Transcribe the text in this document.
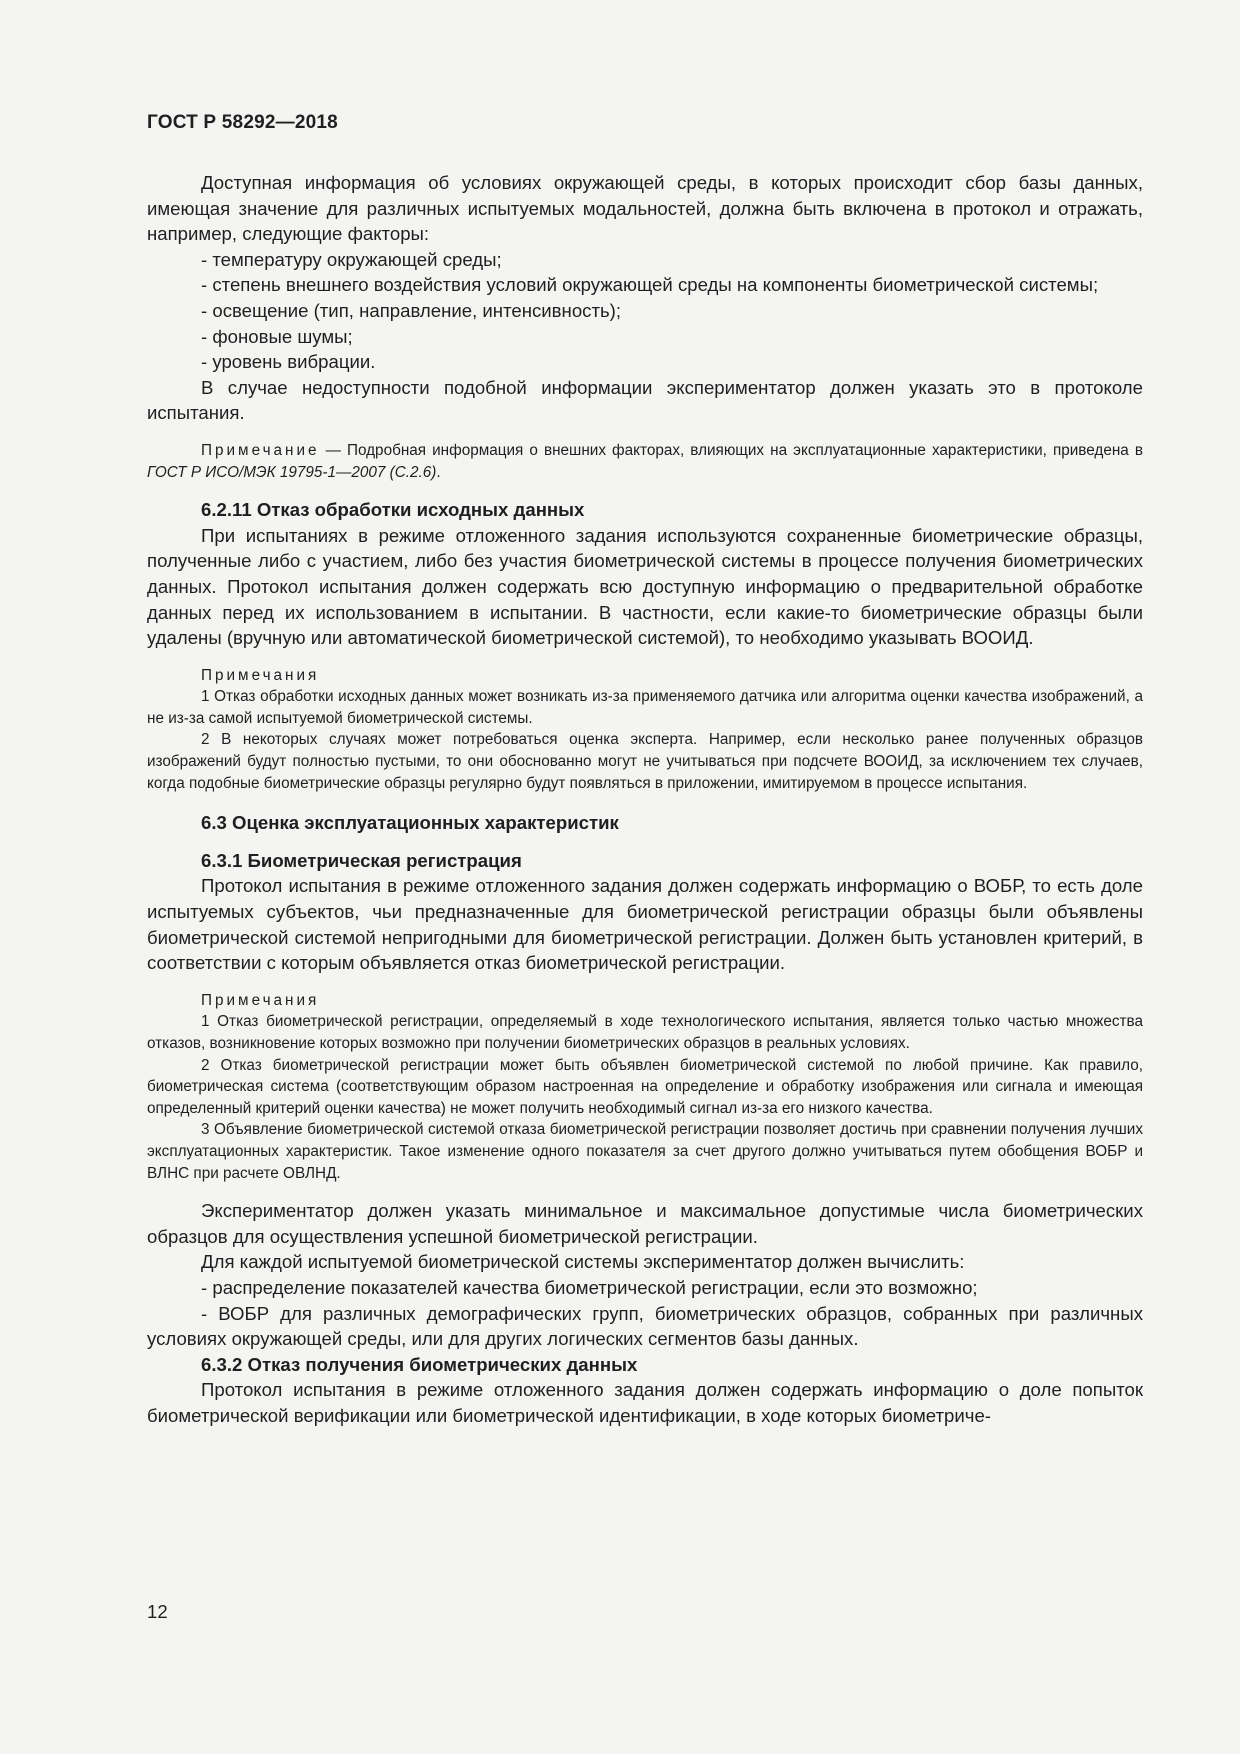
ГОСТ Р 58292—2018

Доступная информация об условиях окружающей среды, в которых происходит сбор базы данных, имеющая значение для различных испытуемых модальностей, должна быть включена в протокол и отражать, например, следующие факторы:

- температуру окружающей среды;

- степень внешнего воздействия условий окружающей среды на компоненты биометрической системы;

- освещение (тип, направление, интенсивность);

- фоновые шумы;

- уровень вибрации.

В случае недоступности подобной информации экспериментатор должен указать это в протоколе испытания.

Примечание — Подробная информация о внешних факторах, влияющих на эксплуатационные характеристики, приведена в ГОСТ Р ИСО/МЭК 19795-1—2007 (С.2.6).

6.2.11 Отказ обработки исходных данных

При испытаниях в режиме отложенного задания используются сохраненные биометрические образцы, полученные либо с участием, либо без участия биометрической системы в процессе получения биометрических данных. Протокол испытания должен содержать всю доступную информацию о предварительной обработке данных перед их использованием в испытании. В частности, если какие-то биометрические образцы были удалены (вручную или автоматической биометрической системой), то необходимо указывать ВООИД.

Примечания

1 Отказ обработки исходных данных может возникать из-за применяемого датчика или алгоритма оценки качества изображений, а не из-за самой испытуемой биометрической системы.

2 В некоторых случаях может потребоваться оценка эксперта. Например, если несколько ранее полученных образцов изображений будут полностью пустыми, то они обоснованно могут не учитываться при подсчете ВООИД, за исключением тех случаев, когда подобные биометрические образцы регулярно будут появляться в приложении, имитируемом в процессе испытания.

6.3 Оценка эксплуатационных характеристик

6.3.1 Биометрическая регистрация

Протокол испытания в режиме отложенного задания должен содержать информацию о ВОБР, то есть доле испытуемых субъектов, чьи предназначенные для биометрической регистрации образцы были объявлены биометрической системой непригодными для биометрической регистрации. Должен быть установлен критерий, в соответствии с которым объявляется отказ биометрической регистрации.

Примечания

1 Отказ биометрической регистрации, определяемый в ходе технологического испытания, является только частью множества отказов, возникновение которых возможно при получении биометрических образцов в реальных условиях.

2 Отказ биометрической регистрации может быть объявлен биометрической системой по любой причине. Как правило, биометрическая система (соответствующим образом настроенная на определение и обработку изображения или сигнала и имеющая определенный критерий оценки качества) не может получить необходимый сигнал из-за его низкого качества.

3 Объявление биометрической системой отказа биометрической регистрации позволяет достичь при сравнении получения лучших эксплуатационных характеристик. Такое изменение одного показателя за счет другого должно учитываться путем обобщения ВОБР и ВЛНС при расчете ОВЛНД.

Экспериментатор должен указать минимальное и максимальное допустимые числа биометрических образцов для осуществления успешной биометрической регистрации.

Для каждой испытуемой биометрической системы экспериментатор должен вычислить:

- распределение показателей качества биометрической регистрации, если это возможно;

- ВОБР для различных демографических групп, биометрических образцов, собранных при различных условиях окружающей среды, или для других логических сегментов базы данных.

6.3.2 Отказ получения биометрических данных

Протокол испытания в режиме отложенного задания должен содержать информацию о доле попыток биометрической верификации или биометрической идентификации, в ходе которых биометриче-

12
